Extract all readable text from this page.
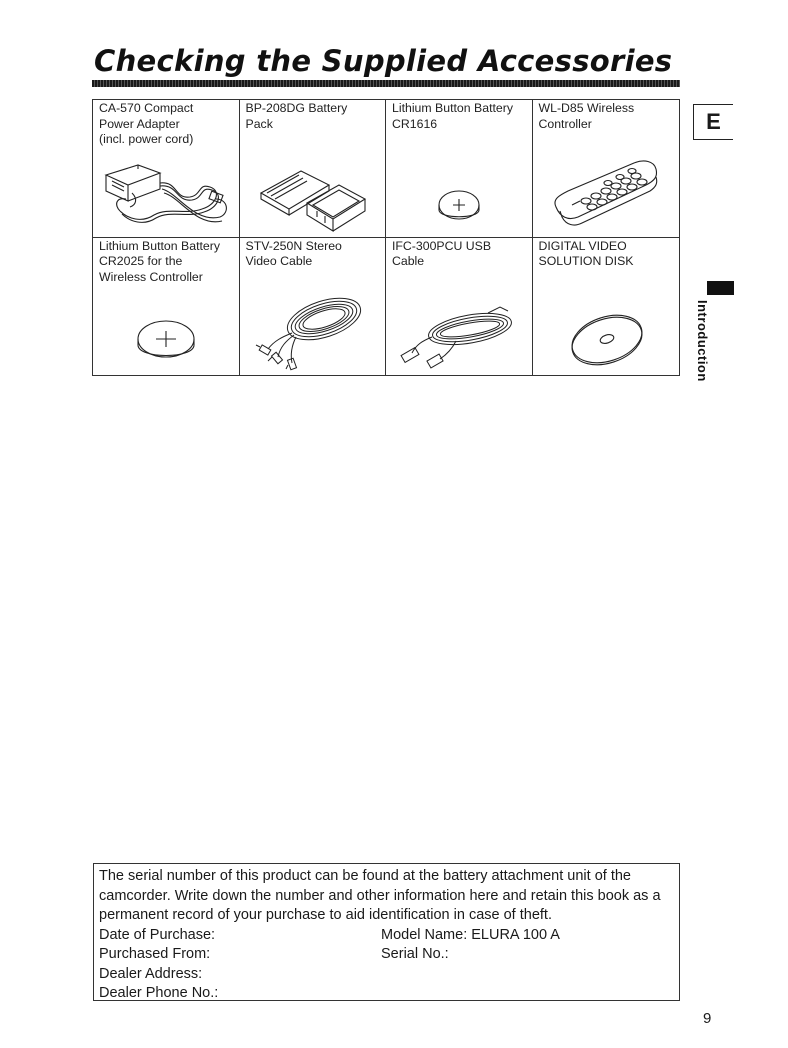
Checking the Supplied Accessories
E
Introduction
CA-570 Compact
Power Adapter
(incl. power cord)
BP-208DG Battery
Pack
Lithium Button Battery
CR1616
WL-D85 Wireless
Controller
Lithium Button Battery
CR2025 for the
Wireless Controller
STV-250N Stereo
Video Cable
IFC-300PCU USB
Cable
DIGITAL VIDEO
SOLUTION DISK
The serial number of this product can be found at the battery attachment unit of the camcorder. Write down the number and other information here and retain this book as a permanent record of your purchase to aid identification in case of theft.
Date of Purchase:	Model Name: ELURA 100 A
Purchased From:	Serial No.:
Dealer Address:
Dealer Phone No.:
9
